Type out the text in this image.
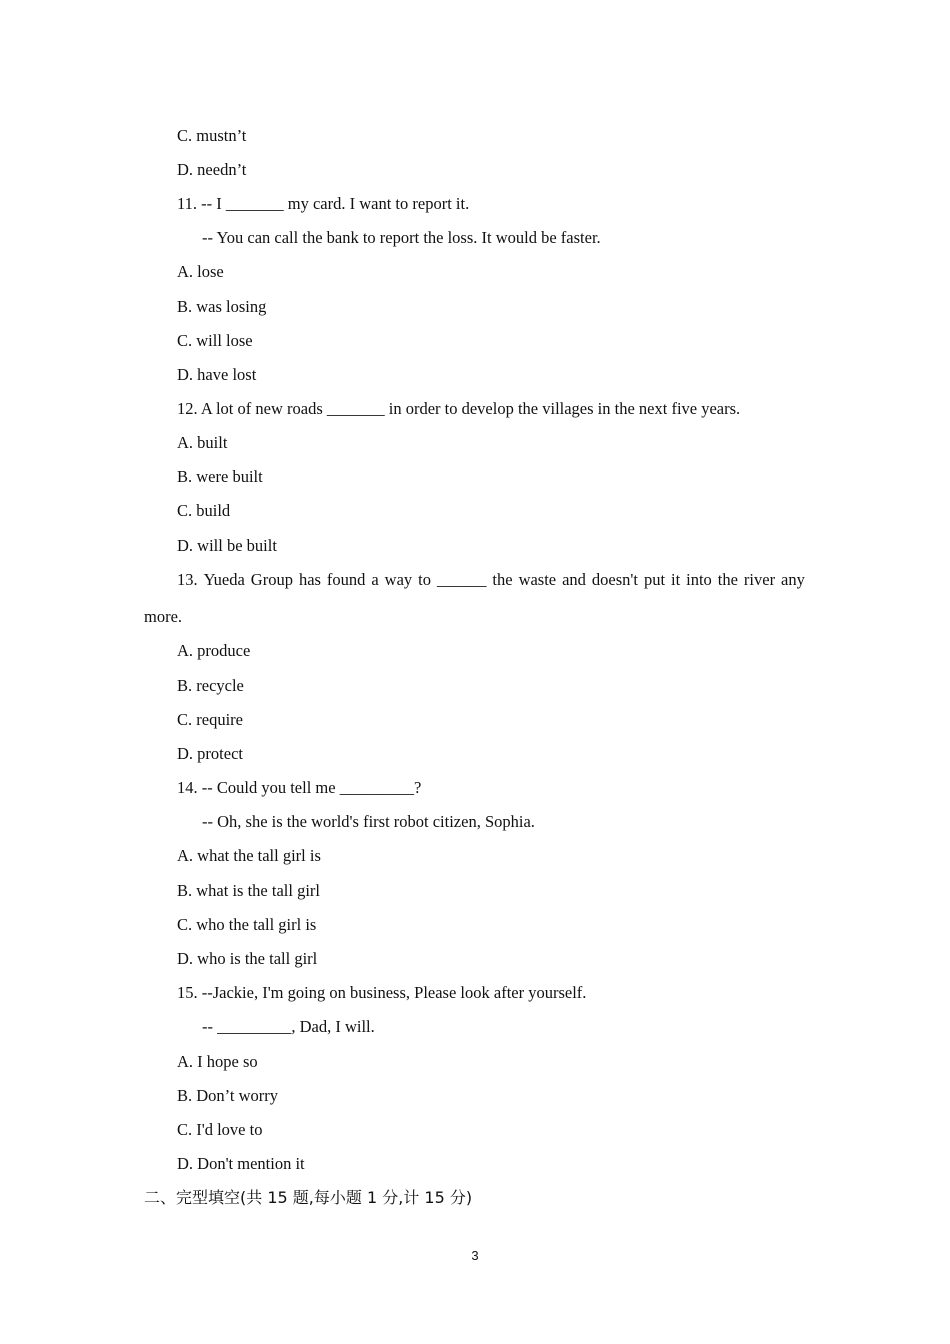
C. mustn’t
D. needn’t
11. -- I _______ my card. I want to report it.
-- You can call the bank to report the loss. It would be faster.
A. lose
B. was losing
C. will lose
D. have lost
12. A lot of new roads _______ in order to develop the villages in the next five years.
A. built
B. were built
C. build
D. will be built
13. Yueda Group has found a way to ______ the waste and doesn't put it into the river any
more.
A. produce
B. recycle
C. require
D. protect
14. -- Could you tell me _________?
-- Oh, she is the world's first robot citizen, Sophia.
A. what the tall girl is
B. what is the tall girl
C. who the tall girl is
D. who is the tall girl
15. --Jackie, I'm going on business, Please look after yourself.
-- _________, Dad, I will.
A. I hope so
B. Don’t worry
C. I'd love to
D. Don't mention it
二、完型填空(共 15 题,每小题 1 分,计 15 分)
3
